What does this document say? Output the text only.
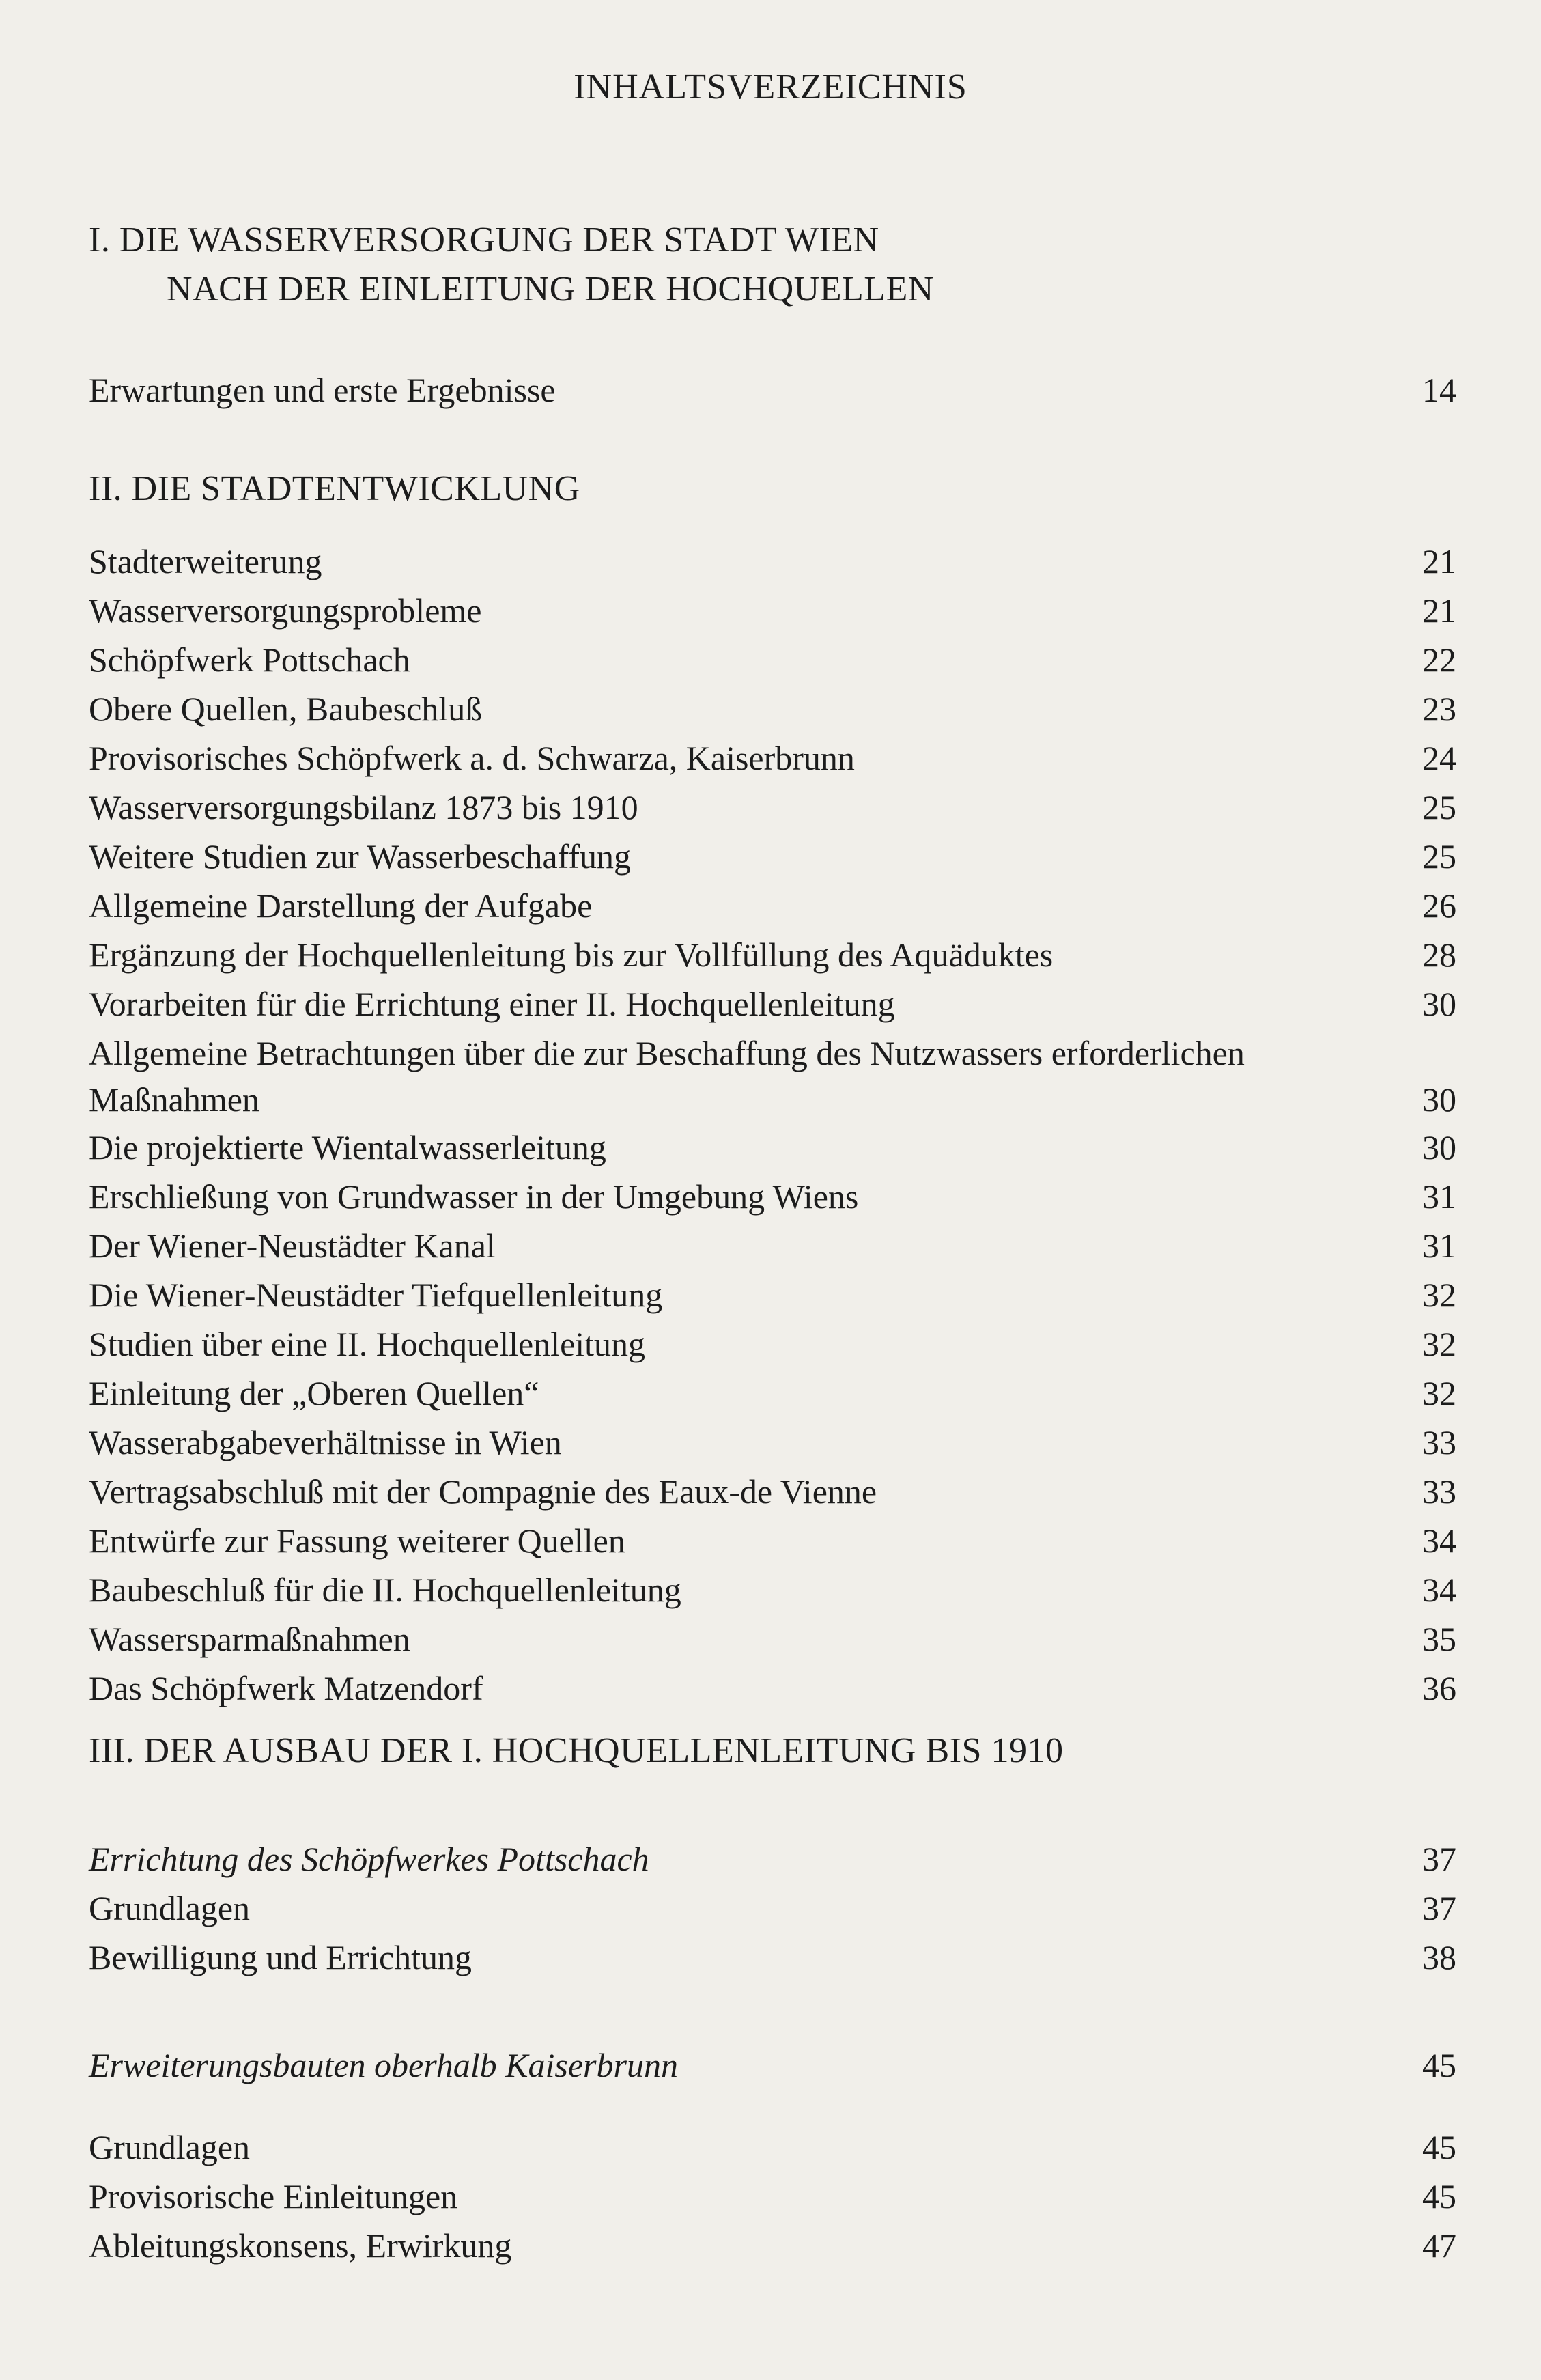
INHALTSVERZEICHNIS
I. DIE WASSERVERSORGUNG DER STADT WIEN
NACH DER EINLEITUNG DER HOCHQUELLEN
Erwartungen und erste Ergebnisse	14
II. DIE STADTENTWICKLUNG
Stadterweiterung	21
Wasserversorgungsprobleme	21
Schöpfwerk Pottschach	22
Obere Quellen, Baubeschluß	23
Provisorisches Schöpfwerk a. d. Schwarza, Kaiserbrunn	24
Wasserversorgungsbilanz 1873 bis 1910	25
Weitere Studien zur Wasserbeschaffung	25
Allgemeine Darstellung der Aufgabe	26
Ergänzung der Hochquellenleitung bis zur Vollfüllung des Aquäduktes	28
Vorarbeiten für die Errichtung einer II. Hochquellenleitung	30
Allgemeine Betrachtungen über die zur Beschaffung des Nutzwassers erforderlichen Maßnahmen	30
Die projektierte Wientalwasserleitung	30
Erschließung von Grundwasser in der Umgebung Wiens	31
Der Wiener-Neustädter Kanal	31
Die Wiener-Neustädter Tiefquellenleitung	32
Studien über eine II. Hochquellenleitung	32
Einleitung der „Oberen Quellen“	32
Wasserabgabeverhältnisse in Wien	33
Vertragsabschluß mit der Compagnie des Eaux-de Vienne	33
Entwürfe zur Fassung weiterer Quellen	34
Baubeschluß für die II. Hochquellenleitung	34
Wassersparmaßnahmen	35
Das Schöpfwerk Matzendorf	36
III. DER AUSBAU DER I. HOCHQUELLENLEITUNG BIS 1910
Errichtung des Schöpfwerkes Pottschach	37
Grundlagen	37
Bewilligung und Errichtung	38
Erweiterungsbauten oberhalb Kaiserbrunn	45
Grundlagen	45
Provisorische Einleitungen	45
Ableitungskonsens, Erwirkung	47
